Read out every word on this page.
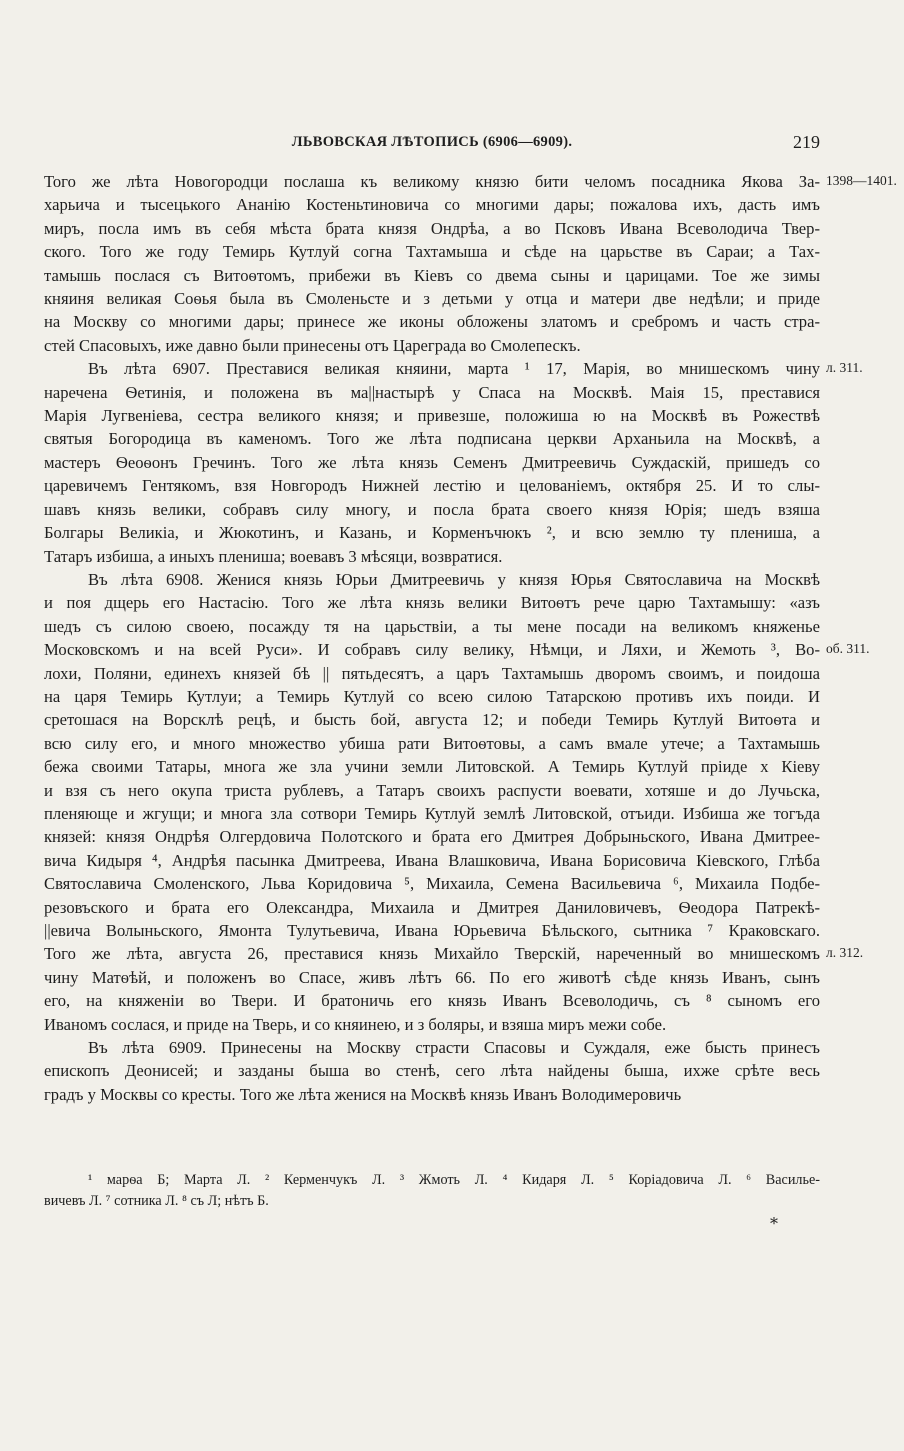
ЛЬВОВСКАЯ ЛѢТОПИСЬ (6906—6909).	219
Того же лѣта Новогородци послаша къ великому князю бити челомъ посадника Якова За-
харьича и тысецького Ананію Костеньтиновича со многими дары; пожалова ихъ, дасть имъ
миръ, посла имъ въ себя мѣста брата князя Ондрѣа, а во Псковъ Ивана Всеволодича Твер-
ского. Того же году Темирь Кутлуй согна Тахтамыша и сѣде на царьстве въ Сараи; а Тах-
тамышь послася съ Витоѳтомъ, прибежи въ Кіевъ со двема сыны и царицами. Тое же зимы
княиня великая Соѳья была въ Смоленьсте и з детьми у отца и матери две недѣли; и приде
на Москву со многими дары; принесе же иконы обложены златомъ и сребромъ и часть стра-
стей Спасовыхъ, иже давно были принесены отъ Цареграда во Смолепескъ.
Въ лѣта 6907. Преставися великая княини, марта ¹ 17, Марія, во мнишескомъ чину
наречена Ѳетинія, и положена въ ма||настырѣ у Спаса на Москвѣ. Маія 15, преставися
Марія Лугвеніева, сестра великого князя; и привезше, положиша ю на Москвѣ въ Рожествѣ
святыя Богородица въ каменомъ. Того же лѣта подписана церкви Арханьила на Москвѣ, а
мастеръ Ѳеоѳонъ Гречинъ. Того же лѣта князь Семенъ Дмитреевичь Суждаскій, пришедъ со
царевичемъ Гентякомъ, взя Новгородъ Нижней лестію и целованіемъ, октября 25. И то слы-
шавъ князь велики, собравъ силу многу, и посла брата своего князя Юрія; шедъ взяша
Болгары Великіа, и Жюкотинъ, и Казань, и Корменъчюкъ ², и всю землю ту плениша, а
Татаръ избиша, а иныхъ плениша; воевавъ 3 мѣсяци, возвратися.
Въ лѣта 6908. Женися князь Юрьи Дмитреевичь у князя Юрья Святославича на Москвѣ
и поя дщерь его Настасію. Того же лѣта князь велики Витоѳтъ рече царю Тахтамышу: «азъ
шедъ съ силою своею, посажду тя на царьствіи, а ты мене посади на великомъ княженье
Московскомъ и на всей Руси». И собравъ силу велику, Нѣмци, и Ляхи, и Жемоть ³, Во-
лохи, Поляни, единехъ князей бѣ || пятьдесятъ, а царъ Тахтамышь дворомъ своимъ, и поидоша
на царя Темирь Кутлуи; а Темирь Кутлуй со всею силою Татарскою противъ ихъ поиди. И
сретошася на Ворсклѣ рецѣ, и бысть бой, августа 12; и победи Темирь Кутлуй Витоѳта и
всю силу его, и много множество убиша рати Витоѳтовы, а самъ вмале утече; а Тахтамышь
бежа своими Татары, многа же зла учини земли Литовской. А Темирь Кутлуй пріиде х Кіеву
и взя съ него окупа триста рублевъ, а Татаръ своихъ распусти воевати, хотяше и до Лучьска,
пленяюще и жгущи; и многа зла сотвори Темирь Кутлуй землѣ Литовской, отъиди. Избиша же тогъда
князей: князя Ондрѣя Олгердовича Полотского и брата его Дмитрея Добрыньского, Ивана Дмитрее-
вича Кидыря ⁴, Андрѣя пасынка Дмитреева, Ивана Влашковича, Ивана Борисовича Кіевского, Глѣба
Святославича Смоленского, Льва Коридовича ⁵, Михаила, Семена Васильевича ⁶, Михаила Подбе-
резовъского и брата его Олександра, Михаила и Дмитрея Даниловичевъ, Ѳеодора Патрекѣ-
||евича Волыньского, Ямонта Тулутьевича, Ивана Юрьевича Бѣльского, сытника ⁷ Краковскаго.
Того же лѣта, августа 26, преставися князь Михайло Тверскій, нареченный во мнишескомъ
чину Матѳѣй, и положенъ во Спасе, живъ лѣтъ 66. По его животѣ сѣде князь Иванъ, сынъ
его, на княженіи во Твери. И братоничь его князь Иванъ Всеволодичь, съ ⁸ сыномъ его
Иваномъ сослася, и приде на Тверь, и со княинею, и з боляры, и взяша миръ межи собе.
Въ лѣта 6909. Принесены на Москву страсти Спасовы и Суждаля, еже бысть принесъ
епископъ Деонисей; и зазданы быша во стенѣ, сего лѣта найдены быша, ихже срѣте весь
градъ у Москвы со кресты. Того же лѣта женися на Москвѣ князь Иванъ Володимеровичь
1398—1401.
л. 311.
об. 311.
л. 312.
¹ марѳа Б; Марта Л. ² Керменчукъ Л. ³ Жмоть Л. ⁴ Кидаря Л. ⁵ Коріадовича Л. ⁶ Василье-
вичевъ Л. ⁷ сотника Л. ⁸ съ Л; нѣтъ Б.
*
